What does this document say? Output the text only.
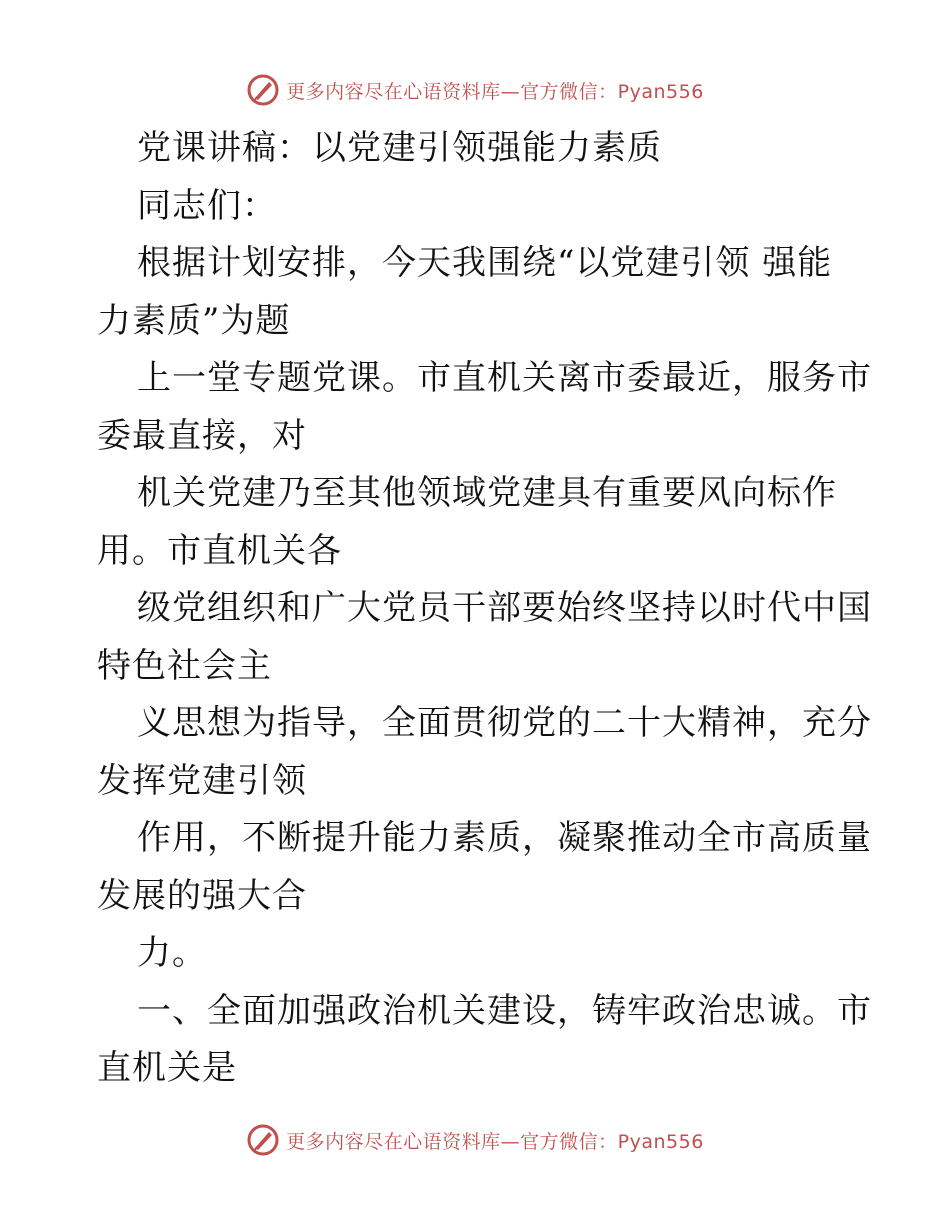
更多内容尽在心语资料库—官方微信：Pyan556
党课讲稿：以党建引领强能力素质
同志们：
根据计划安排，今天我围绕“以党建引领 强能
力素质”为题
上一堂专题党课。市直机关离市委最近，服务市
委最直接，对
机关党建乃至其他领域党建具有重要风向标作
用。市直机关各
级党组织和广大党员干部要始终坚持以时代中国
特色社会主
义思想为指导，全面贯彻党的二十大精神，充分
发挥党建引领
作用，不断提升能力素质，凝聚推动全市高质量
发展的强大合
力。
一、全面加强政治机关建设，铸牢政治忠诚。市
直机关是
更多内容尽在心语资料库—官方微信：Pyan556
